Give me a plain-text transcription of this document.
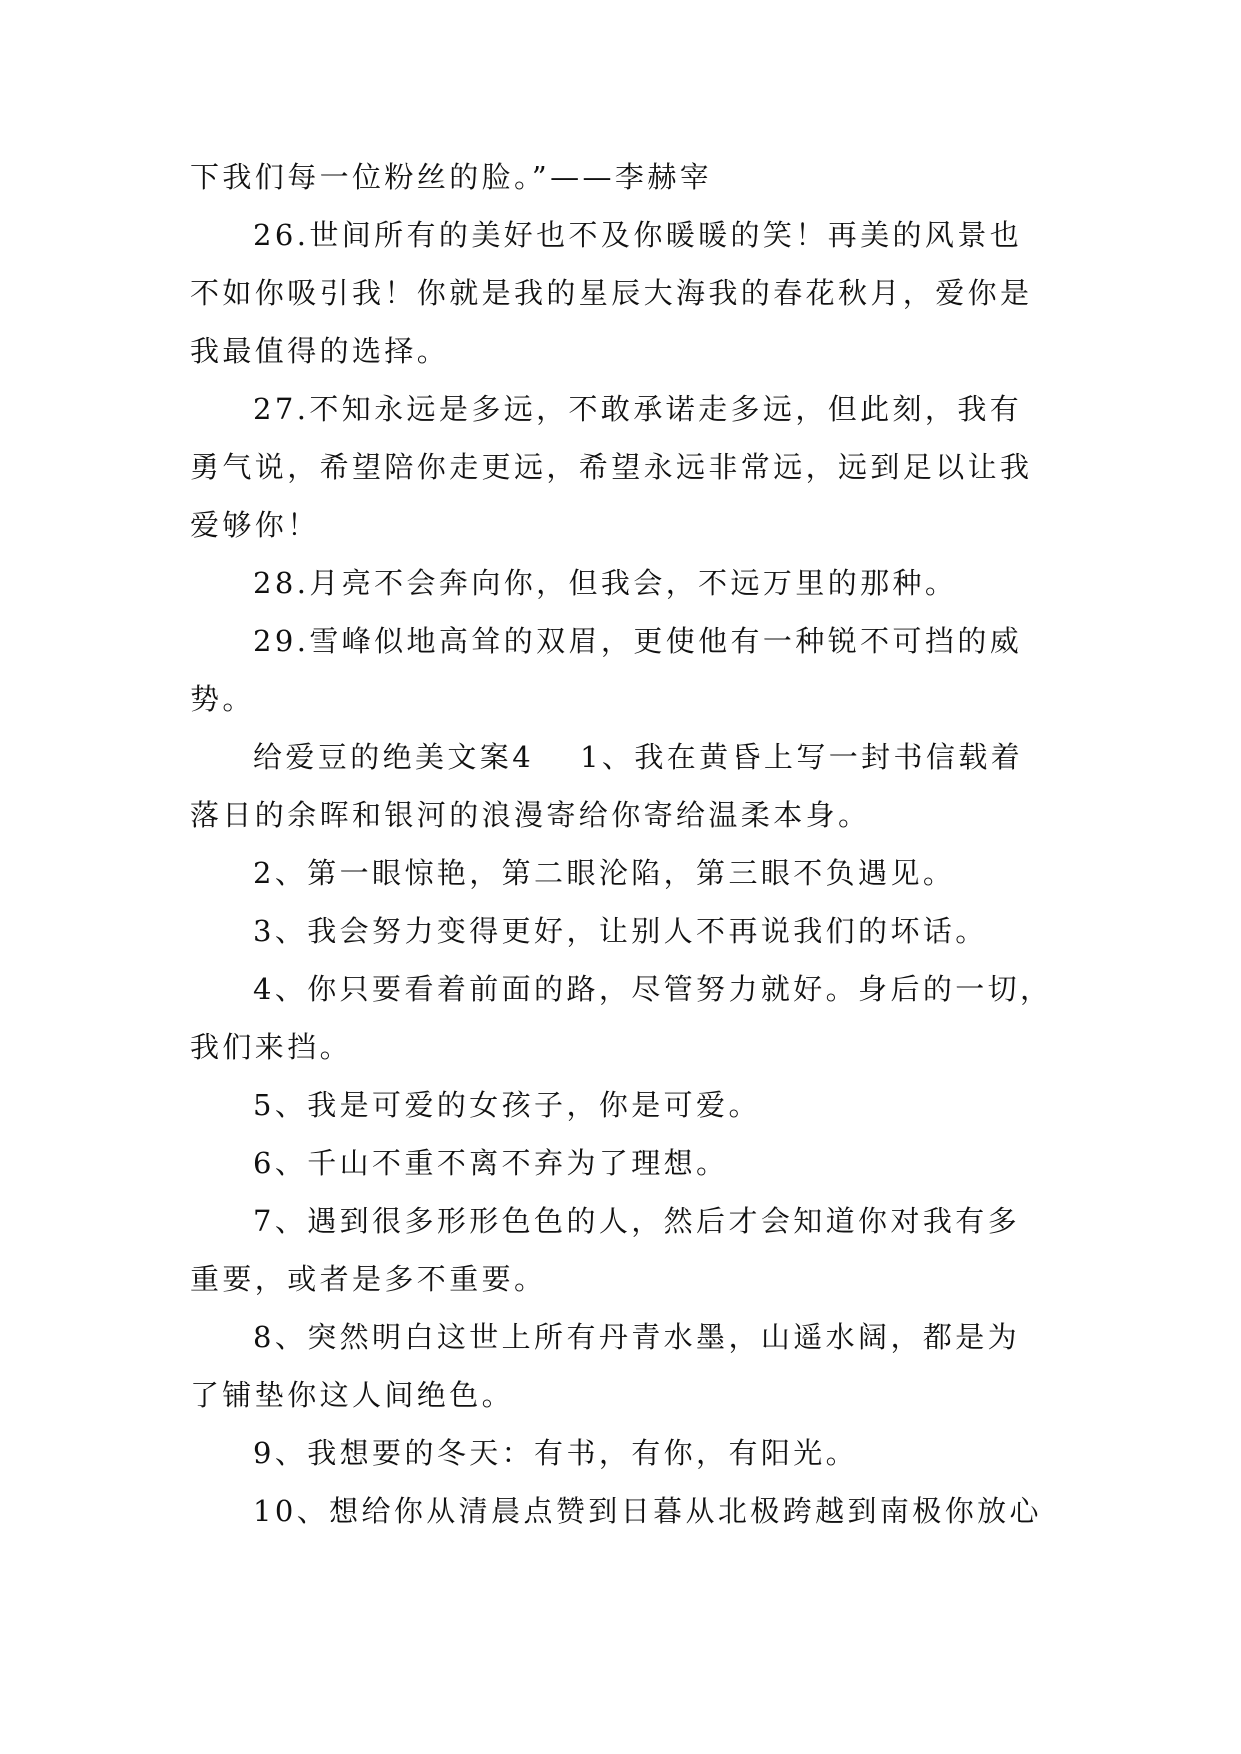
下我们每一位粉丝的脸。”——李赫宰
26.世间所有的美好也不及你暖暖的笑！再美的风景也
不如你吸引我！你就是我的星辰大海我的春花秋月，爱你是
我最值得的选择。
27.不知永远是多远，不敢承诺走多远，但此刻，我有
勇气说，希望陪你走更远，希望永远非常远，远到足以让我
爱够你！
28.月亮不会奔向你，但我会，不远万里的那种。
29.雪峰似地高耸的双眉，更使他有一种锐不可挡的威
势。
给爱豆的绝美文案4 1、我在黄昏上写一封书信载着
落日的余晖和银河的浪漫寄给你寄给温柔本身。
2、第一眼惊艳，第二眼沦陷，第三眼不负遇见。
3、我会努力变得更好，让别人不再说我们的坏话。
4、你只要看着前面的路，尽管努力就好。身后的一切，
我们来挡。
5、我是可爱的女孩子，你是可爱。
6、千山不重不离不弃为了理想。
7、遇到很多形形色色的人，然后才会知道你对我有多
重要，或者是多不重要。
8、突然明白这世上所有丹青水墨，山遥水阔，都是为
了铺垫你这人间绝色。
9、我想要的冬天：有书，有你，有阳光。
10、想给你从清晨点赞到日暮从北极跨越到南极你放心
